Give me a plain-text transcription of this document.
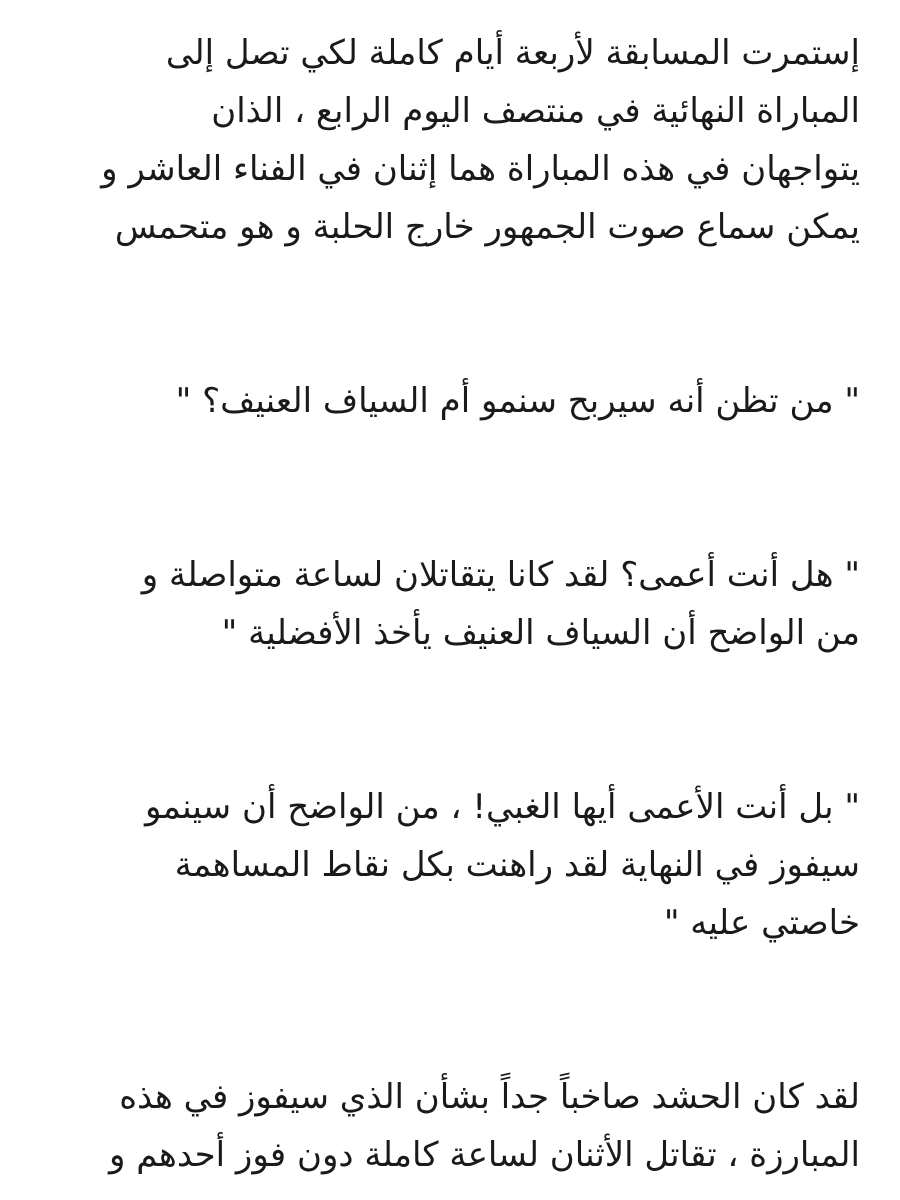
إستمرت المسابقة لأربعة أيام كاملة لكي تصل إلى
المباراة النهائية في منتصف اليوم الرابع ، الذان
يتواجهان في هذه المباراة هما إثنان في الفناء العاشر و
يمكن سماع صوت الجمهور خارج الحلبة و هو متحمس

" من تظن أنه سيربح سنمو أم السياف العنيف؟ "

" هل أنت أعمى؟ لقد كانا يتقاتلان لساعة متواصلة و
من الواضح أن السياف العنيف يأخذ الأفضلية "

" بل أنت الأعمى أيها الغبي! ، من الواضح أن سينمو
سيفوز في النهاية لقد راهنت بكل نقاط المساهمة
خاصتي عليه "

لقد كان الحشد صاخباً جداً بشأن الذي سيفوز في هذه
المبارزة ، تقاتل الأثنان لساعة كاملة دون فوز أحدهم و
